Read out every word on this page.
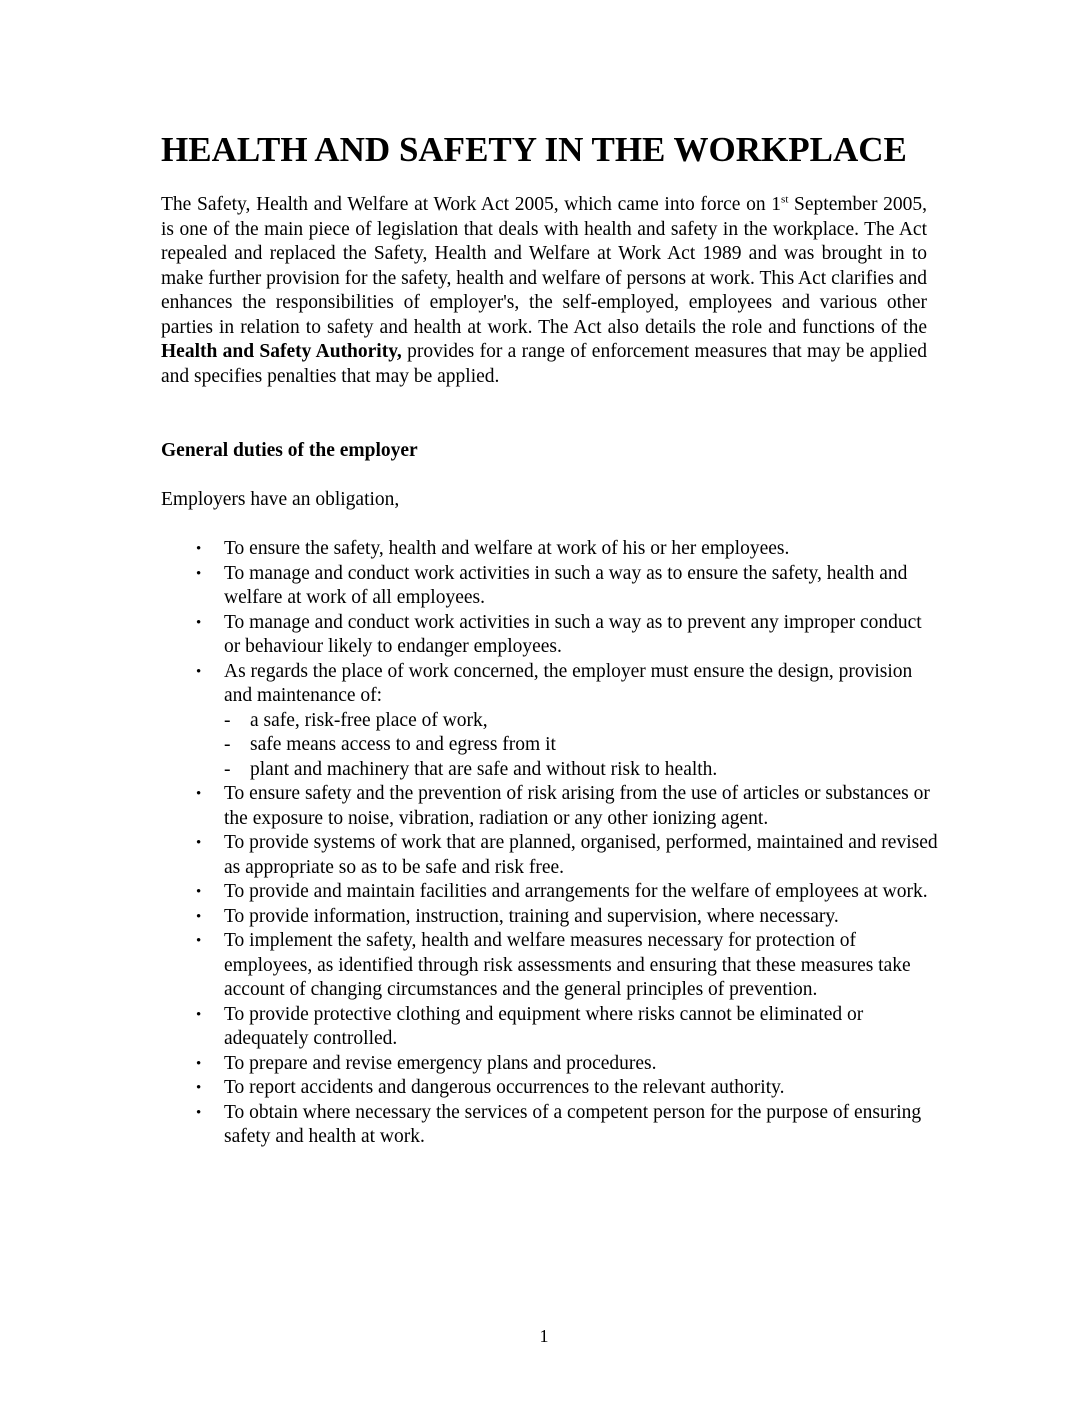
HEALTH AND SAFETY IN THE WORKPLACE

The Safety, Health and Welfare at Work Act 2005, which came into force on 1st September 2005, is one of the main piece of legislation that deals with health and safety in the workplace. The Act repealed and replaced the Safety, Health and Welfare at Work Act 1989 and was brought in to make further provision for the safety, health and welfare of persons at work. This Act clarifies and enhances the responsibilities of employer's, the self-employed, employees and various other parties in relation to safety and health at work. The Act also details the role and functions of the Health and Safety Authority, provides for a range of enforcement measures that may be applied and specifies penalties that may be applied.

General duties of the employer

Employers have an obligation,

• To ensure the safety, health and welfare at work of his or her employees.
• To manage and conduct work activities in such a way as to ensure the safety, health and welfare at work of all employees.
• To manage and conduct work activities in such a way as to prevent any improper conduct or behaviour likely to endanger employees.
• As regards the place of work concerned, the employer must ensure the design, provision and maintenance of:
- a safe, risk-free place of work,
- safe means access to and egress from it
- plant and machinery that are safe and without risk to health.
• To ensure safety and the prevention of risk arising from the use of articles or substances or the exposure to noise, vibration, radiation or any other ionizing agent.
• To provide systems of work that are planned, organised, performed, maintained and revised as appropriate so as to be safe and risk free.
• To provide and maintain facilities and arrangements for the welfare of employees at work.
• To provide information, instruction, training and supervision, where necessary.
• To implement the safety, health and welfare measures necessary for protection of employees, as identified through risk assessments and ensuring that these measures take account of changing circumstances and the general principles of prevention.
• To provide protective clothing and equipment where risks cannot be eliminated or adequately controlled.
• To prepare and revise emergency plans and procedures.
• To report accidents and dangerous occurrences to the relevant authority.
• To obtain where necessary the services of a competent person for the purpose of ensuring safety and health at work.
1
